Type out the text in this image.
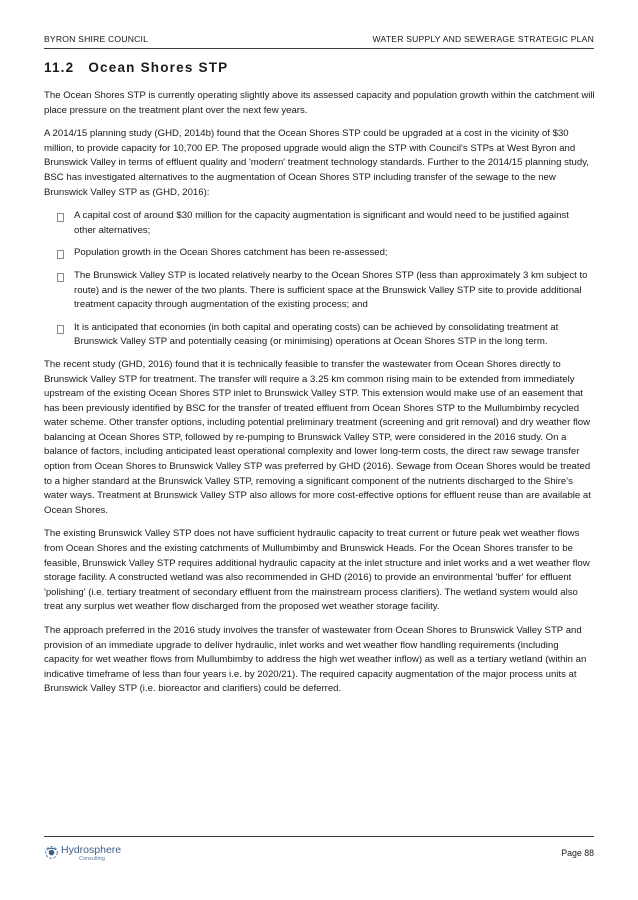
BYRON SHIRE COUNCIL	WATER SUPPLY AND SEWERAGE STRATEGIC PLAN
11.2 Ocean Shores STP

The Ocean Shores STP is currently operating slightly above its assessed capacity and population growth within the catchment will place pressure on the treatment plant over the next few years.

A 2014/15 planning study (GHD, 2014b) found that the Ocean Shores STP could be upgraded at a cost in the vicinity of $30 million, to provide capacity for 10,700 EP. The proposed upgrade would align the STP with Council's STPs at West Byron and Brunswick Valley in terms of effluent quality and 'modern' treatment technology standards. Further to the 2014/15 planning study, BSC has investigated alternatives to the augmentation of Ocean Shores STP including transfer of the sewage to the new Brunswick Valley STP as (GHD, 2016):

A capital cost of around $30 million for the capacity augmentation is significant and would need to be justified against other alternatives;
Population growth in the Ocean Shores catchment has been re-assessed;
The Brunswick Valley STP is located relatively nearby to the Ocean Shores STP (less than approximately 3 km subject to route) and is the newer of the two plants. There is sufficient space at the Brunswick Valley STP site to provide additional treatment capacity through augmentation of the existing process; and
It is anticipated that economies (in both capital and operating costs) can be achieved by consolidating treatment at Brunswick Valley STP and potentially ceasing (or minimising) operations at Ocean Shores STP in the long term.

The recent study (GHD, 2016) found that it is technically feasible to transfer the wastewater from Ocean Shores directly to Brunswick Valley STP for treatment. The transfer will require a 3.25 km common rising main to be extended from immediately upstream of the existing Ocean Shores STP inlet to Brunswick Valley STP. This extension would make use of an easement that has been previously identified by BSC for the transfer of treated effluent from Ocean Shores STP to the Mullumbimby recycled water scheme. Other transfer options, including potential preliminary treatment (screening and grit removal) and dry weather flow balancing at Ocean Shores STP, followed by re-pumping to Brunswick Valley STP, were considered in the 2016 study. On a balance of factors, including anticipated least operational complexity and lower long-term costs, the direct raw sewage transfer option from Ocean Shores to Brunswick Valley STP was preferred by GHD (2016). Sewage from Ocean Shores would be treated to a higher standard at the Brunswick Valley STP, removing a significant component of the nutrients discharged to the Shire's water ways. Treatment at Brunswick Valley STP also allows for more cost-effective options for effluent reuse than are available at Ocean Shores.

The existing Brunswick Valley STP does not have sufficient hydraulic capacity to treat current or future peak wet weather flows from Ocean Shores and the existing catchments of Mullumbimby and Brunswick Heads. For the Ocean Shores transfer to be feasible, Brunswick Valley STP requires additional hydraulic capacity at the inlet structure and inlet works and a wet weather flow storage facility. A constructed wetland was also recommended in GHD (2016) to provide an environmental 'buffer' for effluent 'polishing' (i.e. tertiary treatment of secondary effluent from the mainstream process clarifiers). The wetland system would also treat any surplus wet weather flow discharged from the proposed wet weather storage facility.

The approach preferred in the 2016 study involves the transfer of wastewater from Ocean Shores to Brunswick Valley STP and provision of an immediate upgrade to deliver hydraulic, inlet works and wet weather flow handling requirements (including capacity for wet weather flows from Mullumbimby to address the high wet weather inflow) as well as a tertiary wetland (within an indicative timeframe of less than four years i.e. by 2020/21). The required capacity augmentation of the major process units at Brunswick Valley STP (i.e. bioreactor and clarifiers) could be deferred.

Hydrosphere
Consulting
Page 88
